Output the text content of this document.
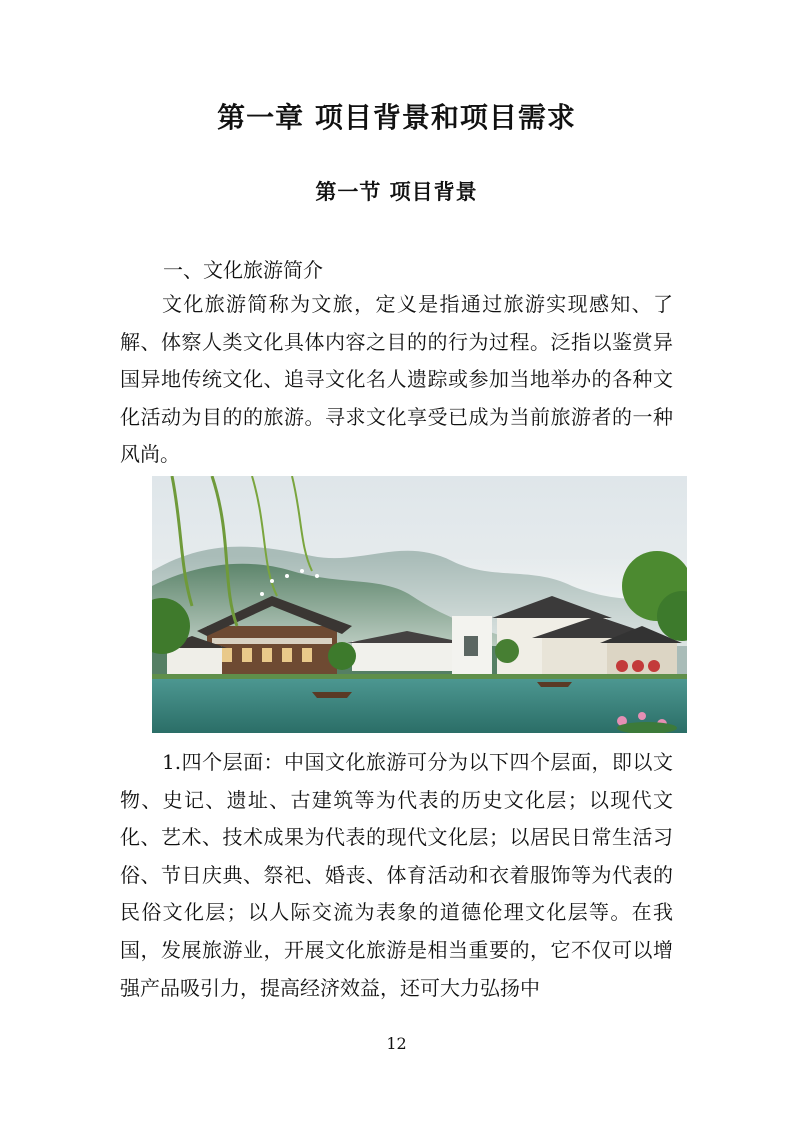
第一章 项目背景和项目需求
第一节 项目背景

一、文化旅游简介

文化旅游简称为文旅，定义是指通过旅游实现感知、了解、体察人类文化具体内容之目的的行为过程。泛指以鉴赏异国异地传统文化、追寻文化名人遗踪或参加当地举办的各种文化活动为目的的旅游。寻求文化享受已成为当前旅游者的一种风尚。

1.四个层面：中国文化旅游可分为以下四个层面，即以文物、史记、遗址、古建筑等为代表的历史文化层；以现代文化、艺术、技术成果为代表的现代文化层；以居民日常生活习俗、节日庆典、祭祀、婚丧、体育活动和衣着服饰等为代表的民俗文化层；以人际交流为表象的道德伦理文化层等。在我国，发展旅游业，开展文化旅游是相当重要的，它不仅可以增强产品吸引力，提高经济效益，还可大力弘扬中

12
